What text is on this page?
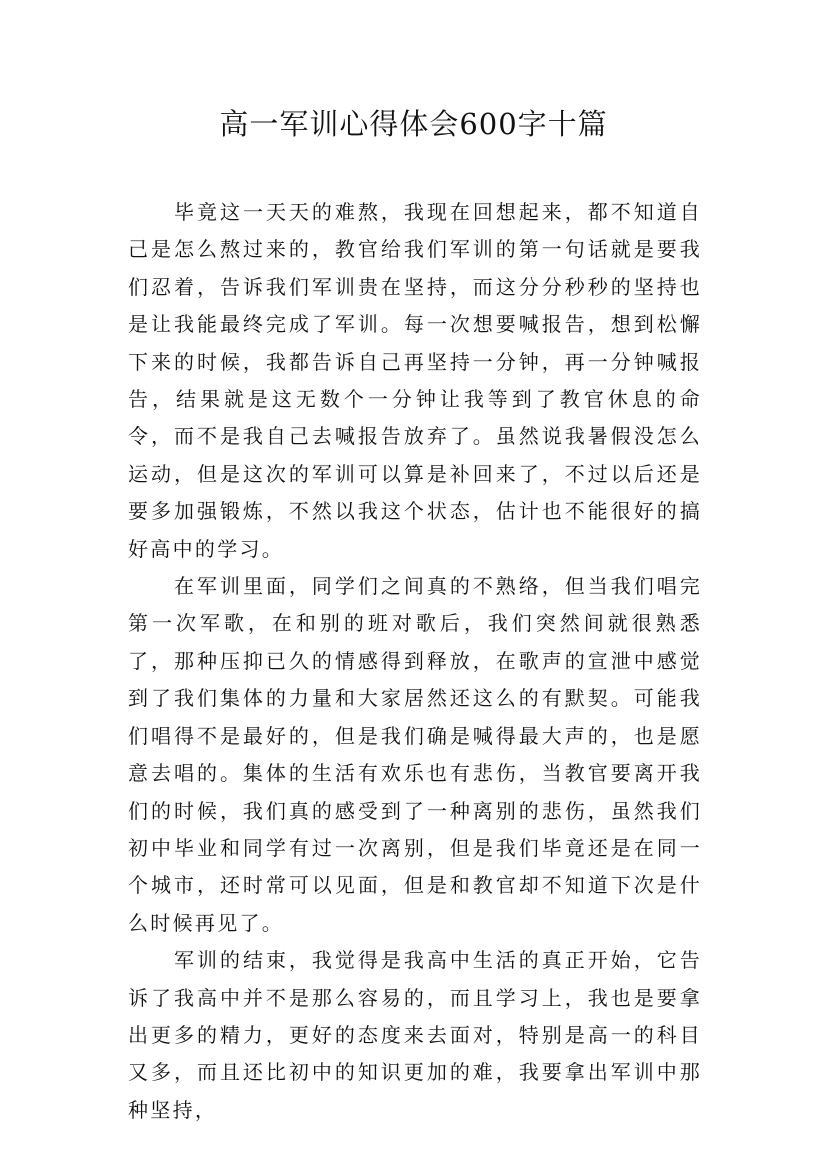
高一军训心得体会600字十篇

毕竟这一天天的难熬，我现在回想起来，都不知道自己是怎么熬过来的，教官给我们军训的第一句话就是要我们忍着，告诉我们军训贵在坚持，而这分分秒秒的坚持也是让我能最终完成了军训。每一次想要喊报告，想到松懈下来的时候，我都告诉自己再坚持一分钟，再一分钟喊报告，结果就是这无数个一分钟让我等到了教官休息的命令，而不是我自己去喊报告放弃了。虽然说我暑假没怎么运动，但是这次的军训可以算是补回来了，不过以后还是要多加强锻炼，不然以我这个状态，估计也不能很好的搞好高中的学习。

在军训里面，同学们之间真的不熟络，但当我们唱完第一次军歌，在和别的班对歌后，我们突然间就很熟悉了，那种压抑已久的情感得到释放，在歌声的宣泄中感觉到了我们集体的力量和大家居然还这么的有默契。可能我们唱得不是最好的，但是我们确是喊得最大声的，也是愿意去唱的。集体的生活有欢乐也有悲伤，当教官要离开我们的时候，我们真的感受到了一种离别的悲伤，虽然我们初中毕业和同学有过一次离别，但是我们毕竟还是在同一个城市，还时常可以见面，但是和教官却不知道下次是什么时候再见了。

军训的结束，我觉得是我高中生活的真正开始，它告诉了我高中并不是那么容易的，而且学习上，我也是要拿出更多的精力，更好的态度来去面对，特别是高一的科目又多，而且还比初中的知识更加的难，我要拿出军训中那种坚持，
